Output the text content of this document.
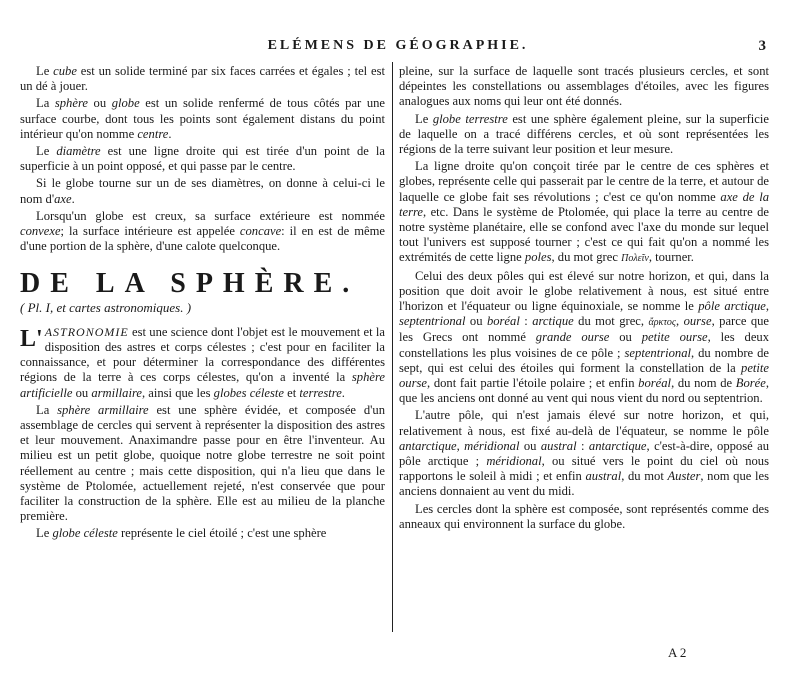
ELÉMENS DE GÉOGRAPHIE.	3

Le cube est un solide terminé par six faces carrées et égales ; tel est un dé à jouer.

La sphère ou globe est un solide renfermé de tous côtés par une surface courbe, dont tous les points sont également distans du point intérieur qu'on nomme centre.

Le diamètre est une ligne droite qui est tirée d'un point de la superficie à un point opposé, et qui passe par le centre.

Si le globe tourne sur un de ses diamètres, on donne à celui-ci le nom d'axe.

Lorsqu'un globe est creux, sa surface extérieure est nommée convexe; la surface intérieure est appelée concave: il en est de même d'une portion de la sphère, d'une calote quelconque.

DE LA SPHÈRE.
( Pl. I, et cartes astronomiques. )

L' ASTRONOMIE est une science dont l'objet est le mouvement et la disposition des astres et corps célestes ; c'est pour en faciliter la connaissance, et pour déterminer la correspondance des différentes régions de la terre à ces corps célestes, qu'on a inventé la sphère artificielle ou armillaire, ainsi que les globes céleste et terrestre.

La sphère armillaire est une sphère évidée, et composée d'un assemblage de cercles qui servent à représenter la disposition des astres et leur mouvement. Anaximandre passe pour en être l'inventeur. Au milieu est un petit globe, quoique notre globe terrestre ne soit point réellement au centre ; mais cette disposition, qui n'a lieu que dans le système de Ptolomée, actuellement rejeté, n'est conservée que pour faciliter la construction de la sphère. Elle est au milieu de la planche première.

Le globe céleste représente le ciel étoilé ; c'est une sphère

pleine, sur la surface de laquelle sont tracés plusieurs cercles, et sont dépeintes les constellations ou assemblages d'étoiles, avec les figures analogues aux noms qui leur ont été donnés.

Le globe terrestre est une sphère également pleine, sur la superficie de laquelle on a tracé différens cercles, et où sont représentées les régions de la terre suivant leur position et leur mesure.

La ligne droite qu'on conçoit tirée par le centre de ces sphères et globes, représente celle qui passerait par le centre de la terre, et autour de laquelle ce globe fait ses révolutions ; c'est ce qu'on nomme axe de la terre, etc. Dans le système de Ptolomée, qui place la terre au centre de notre système planétaire, elle se confond avec l'axe du monde sur lequel tout l'univers est supposé tourner ; c'est ce qui fait qu'on a nommé les extrémités de cette ligne poles, du mot grec Πολεῖν, tourner.

Celui des deux pôles qui est élevé sur notre horizon, et qui, dans la position que doit avoir le globe relativement à nous, est situé entre l'horizon et l'équateur ou ligne équinoxiale, se nomme le pôle arctique, septentrional ou boréal : arctique du mot grec, ἄρκτος, ourse, parce que les Grecs ont nommé grande ourse ou petite ourse, les deux constellations les plus voisines de ce pôle ; septentrional, du nombre de sept, qui est celui des étoiles qui forment la constellation de la petite ourse, dont fait partie l'étoile polaire ; et enfin boréal, du nom de Borée, que les anciens ont donné au vent qui nous vient du nord ou septentrion.

L'autre pôle, qui n'est jamais élevé sur notre horizon, et qui, relativement à nous, est fixé au-delà de l'équateur, se nomme le pôle antarctique, méridional ou austral : antarctique, c'est-à-dire, opposé au pôle arctique ; méridional, ou situé vers le point du ciel où nous rapportons le soleil à midi ; et enfin austral, du mot Auster, nom que les anciens donnaient au vent du midi.

Les cercles dont la sphère est composée, sont représentés comme des anneaux qui environnent la surface du globe.

A 2
